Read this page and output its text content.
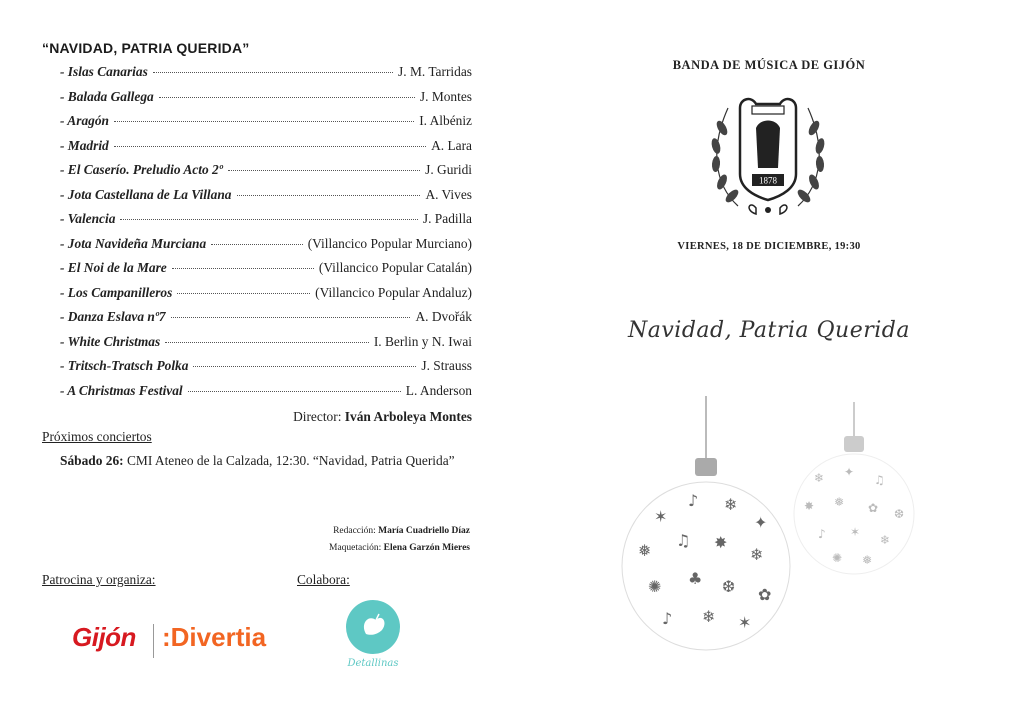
“NAVIDAD, PATRIA QUERIDA”
- Islas Canarias	J. M. Tarridas
- Balada Gallega	J. Montes
- Aragón	I. Albéniz
- Madrid	A. Lara
- El Caserío. Preludio Acto 2º	J. Guridi
- Jota Castellana de La Villana	A. Vives
- Valencia	J. Padilla
- Jota Navideña Murciana	(Villancico Popular Murciano)
- El Noi de la Mare	(Villancico Popular Catalán)
- Los Campanilleros	(Villancico Popular Andaluz)
- Danza Eslava nº7	A. Dvořák
- White Christmas	I. Berlin y N. Iwai
- Tritsch-Tratsch Polka	J. Strauss
- A Christmas Festival	L. Anderson
Director: Iván Arboleya Montes
Próximos conciertos
Sábado 26: CMI Ateneo de la Calzada, 12:30. “Navidad, Patria Querida”
Redacción: María Cuadriello Díaz
Maquetación: Elena Garzón Mieres
Patrocina y organiza:	Colabora:
Gijón :Divertia
Detallinas
BANDA DE MÚSICA DE GIJÓN
1878
VIERNES, 18 DE DICIEMBRE, 19:30
Navidad, Patria Querida
✶
♪ ❄
✦
❅
♫ ✸
❄
✺ ♣ ❆ ✿
♪ ❄ ✶
❄ ✦
♫
✸ ❅ ✿ ❆
♪ ✶
❄
✺ ❅
